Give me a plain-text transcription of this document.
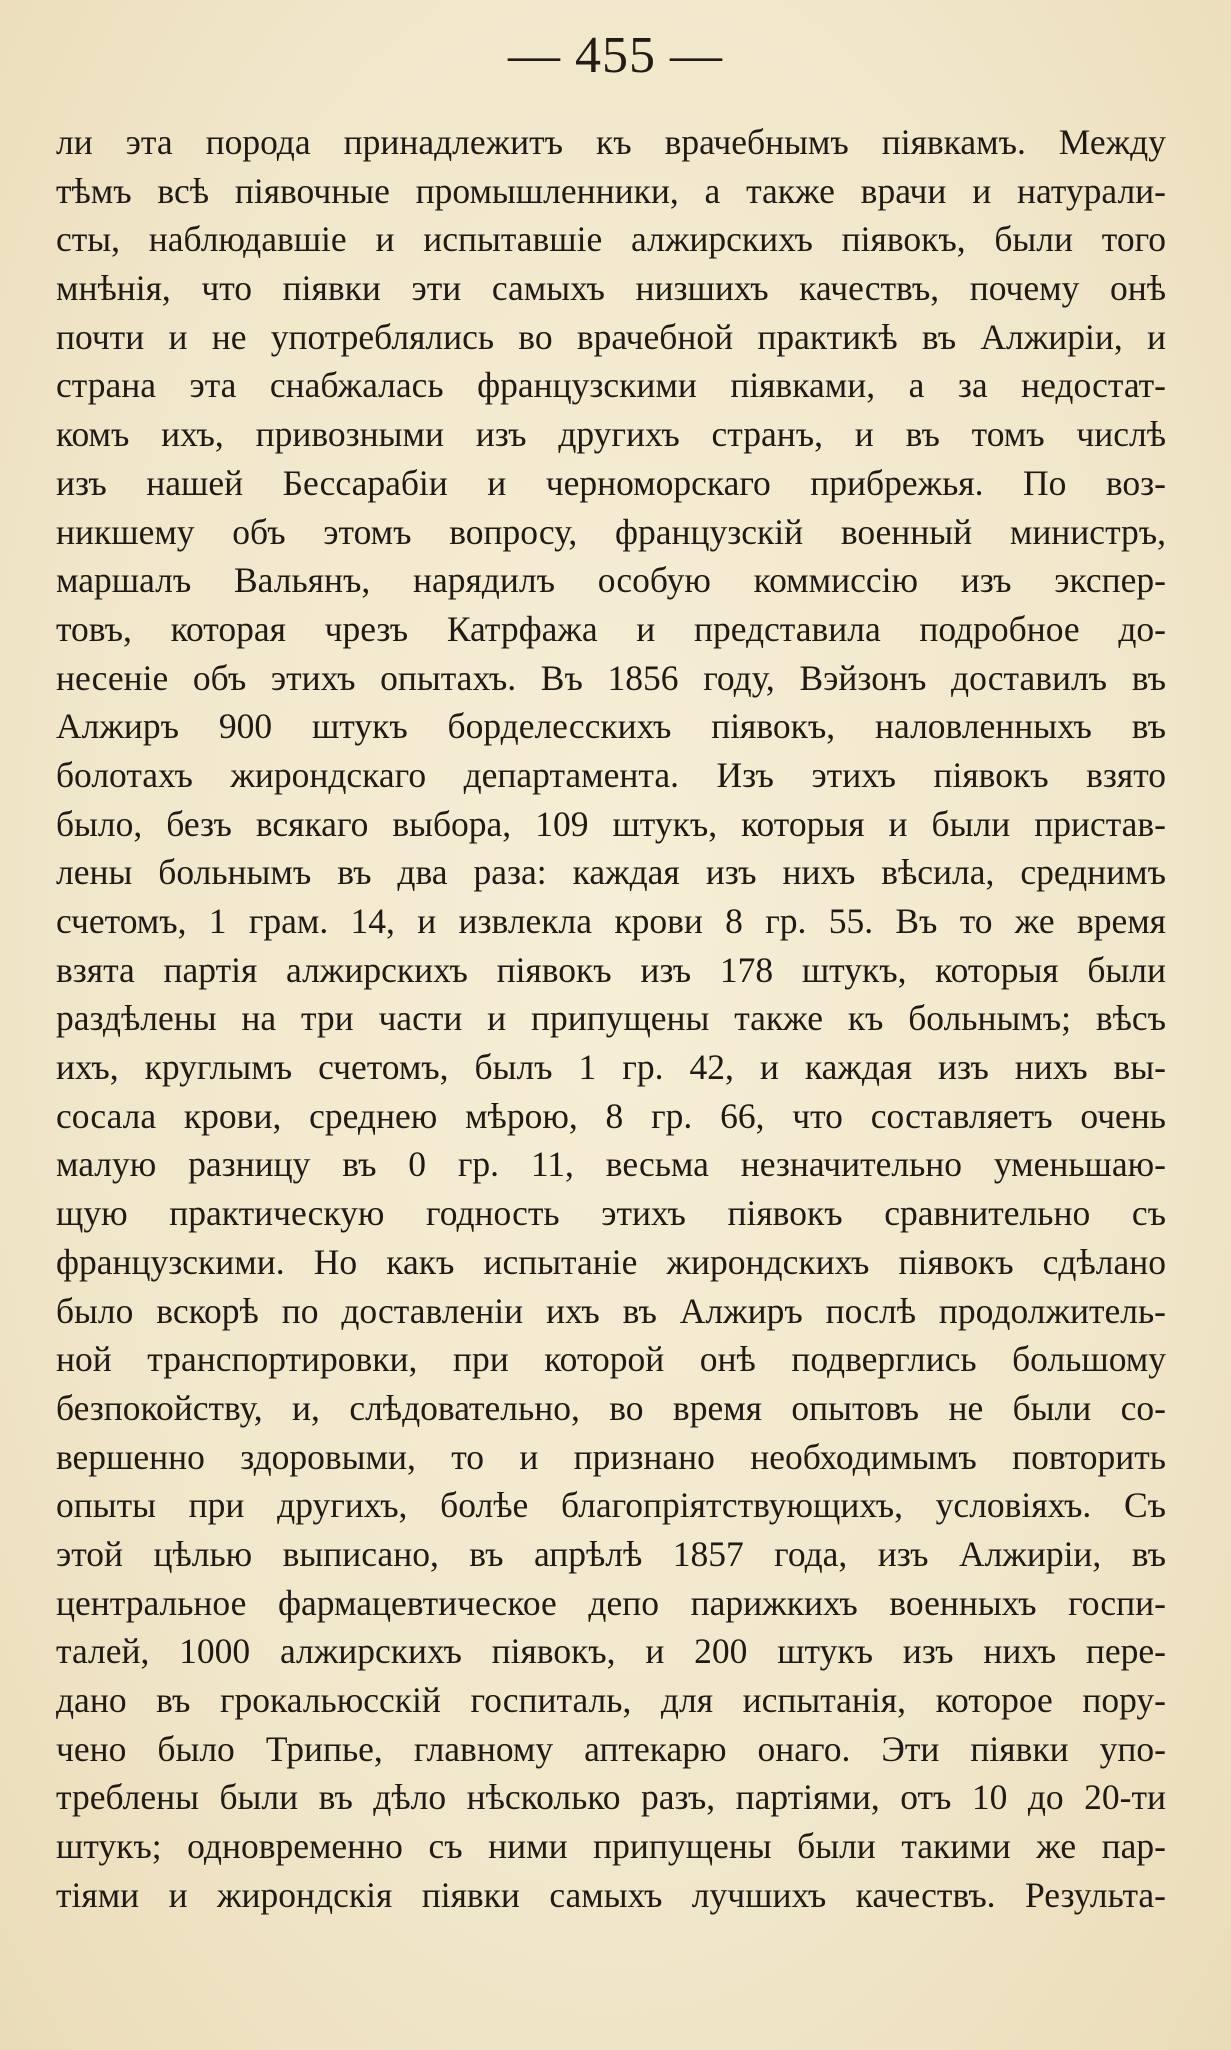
— 455 —
ли эта порода принадлежитъ къ врачебнымъ піявкамъ. Между
тѣмъ всѣ піявочные промышленники, а также врачи и натурали-
сты, наблюдавшіе и испытавшіе алжирскихъ піявокъ, были того
мнѣнія, что піявки эти самыхъ низшихъ качествъ, почему онѣ
почти и не употреблялись во врачебной практикѣ въ Алжиріи, и
страна эта снабжалась французскими піявками, а за недостат-
комъ ихъ, привозными изъ другихъ странъ, и въ томъ числѣ
изъ нашей Бессарабіи и черноморскаго прибрежья. По воз-
никшему объ этомъ вопросу, французскій военный министръ,
маршалъ Вальянъ, нарядилъ особую коммиссію изъ экспер-
товъ, которая чрезъ Катрфажа и представила подробное до-
несеніе объ этихъ опытахъ. Въ 1856 году, Вэйзонъ доставилъ въ
Алжиръ 900 штукъ борделесскихъ піявокъ, наловленныхъ въ
болотахъ жирондскаго департамента. Изъ этихъ піявокъ взято
было, безъ всякаго выбора, 109 штукъ, которыя и были пристав-
лены больнымъ въ два раза: каждая изъ нихъ вѣсила, среднимъ
счетомъ, 1 грам. 14, и извлекла крови 8 гр. 55. Въ то же время
взята партія алжирскихъ піявокъ изъ 178 штукъ, которыя были
раздѣлены на три части и припущены также къ больнымъ; вѣсъ
ихъ, круглымъ счетомъ, былъ 1 гр. 42, и каждая изъ нихъ вы-
сосала крови, среднею мѣрою, 8 гр. 66, что составляетъ очень
малую разницу въ 0 гр. 11, весьма незначительно уменьшаю-
щую практическую годность этихъ піявокъ сравнительно съ
французскими. Но какъ испытаніе жирондскихъ піявокъ сдѣлано
было вскорѣ по доставленіи ихъ въ Алжиръ послѣ продолжитель-
ной транспортировки, при которой онѣ подверглись большому
безпокойству, и, слѣдовательно, во время опытовъ не были со-
вершенно здоровыми, то и признано необходимымъ повторить
опыты при другихъ, болѣе благопріятствующихъ, условіяхъ. Съ
этой цѣлью выписано, въ апрѣлѣ 1857 года, изъ Алжиріи, въ
центральное фармацевтическое депо парижкихъ военныхъ госпи-
талей, 1000 алжирскихъ піявокъ, и 200 штукъ изъ нихъ пере-
дано въ грокальюсскій госпиталь, для испытанія, которое пору-
чено было Трипье, главному аптекарю онаго. Эти піявки упо-
треблены были въ дѣло нѣсколько разъ, партіями, отъ 10 до 20-ти
штукъ; одновременно съ ними припущены были такими же пар-
тіями и жирондскія піявки самыхъ лучшихъ качествъ. Результа-
